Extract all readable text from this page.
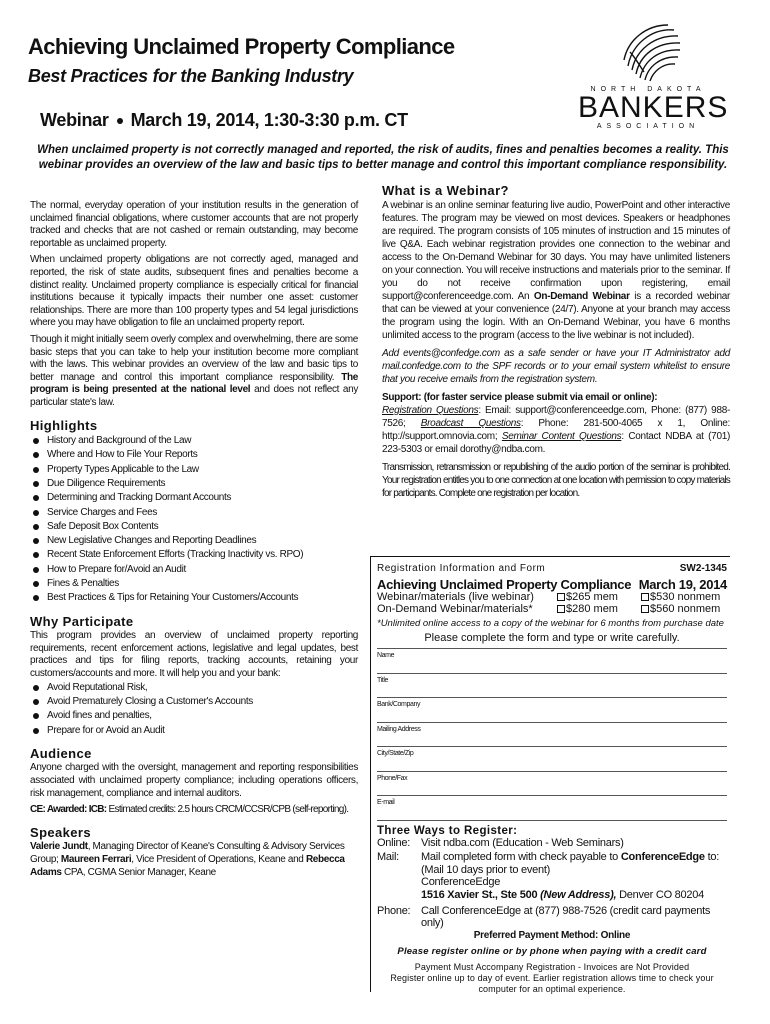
Achieving Unclaimed Property Compliance
Best Practices for the Banking Industry
Webinar March 19, 2014, 1:30-3:30 p.m. CT
NORTH DAKOTA
BANKERS
ASSOCIATION
When unclaimed property is not correctly managed and reported, the risk of audits, fines and penalties becomes a reality. This webinar provides an overview of the law and basic tips to better manage and control this important compliance responsibility.

The normal, everyday operation of your institution results in the generation of unclaimed financial obligations, where customer accounts that are not properly tracked and checks that are not cashed or remain outstanding, may become reportable as unclaimed property.

When unclaimed property obligations are not correctly aged, managed and reported, the risk of state audits, subsequent fines and penalties become a distinct reality. Unclaimed property compliance is especially critical for financial institutions because it typically impacts their number one asset: customer relationships. There are more than 100 property types and 54 legal jurisdictions where you may have obligation to file an unclaimed property report.

Though it might initially seem overly complex and overwhelming, there are some basic steps that you can take to help your institution become more compliant with the laws. This webinar provides an overview of the law and basic tips to better manage and control this important compliance responsibility. The program is being presented at the national level and does not reflect any particular state's law.

Highlights
History and Background of the Law
Where and How to File Your Reports
Property Types Applicable to the Law
Due Diligence Requirements
Determining and Tracking Dormant Accounts
Service Charges and Fees
Safe Deposit Box Contents
New Legislative Changes and Reporting Deadlines
Recent State Enforcement Efforts (Tracking Inactivity vs. RPO)
How to Prepare for/Avoid an Audit
Fines & Penalties
Best Practices & Tips for Retaining Your Customers/Accounts
Why Participate

This program provides an overview of unclaimed property reporting requirements, recent enforcement actions, legislative and legal updates, best practices and tips for filing reports, tracking accounts, retaining your customers/accounts and more. It will help you and your bank:

Avoid Reputational Risk,
Avoid Prematurely Closing a Customer's Accounts
Avoid fines and penalties,
Prepare for or Avoid an Audit
Audience

Anyone charged with the oversight, management and reporting responsibilities associated with unclaimed property compliance; including operations officers, risk management, compliance and internal auditors.

CE: Awarded: ICB: Estimated credits: 2.5 hours CRCM/CCSR/CPB (self-reporting).

Speakers

Valerie Jundt, Managing Director of Keane's Consulting & Advisory Services Group; Maureen Ferrari, Vice President of Operations, Keane and Rebecca Adams CPA, CGMA Senior Manager, Keane

What is a Webinar?

A webinar is an online seminar featuring live audio, PowerPoint and other interactive features. The program may be viewed on most devices. Speakers or headphones are required. The program consists of 105 minutes of instruction and 15 minutes of live Q&A. Each webinar registration provides one connection to the webinar and access to the On-Demand Webinar for 30 days. You may have unlimited listeners on your connection. You will receive instructions and materials prior to the seminar. If you do not receive confirmation upon registering, email support@conferenceedge.com. An On-Demand Webinar is a recorded webinar that can be viewed at your convenience (24/7). Anyone at your branch may access the program using the login. With an On-Demand Webinar, you have 6 months unlimited access to the program (access to the live webinar is not included).

Add events@confedge.com as a safe sender or have your IT Administrator add mail.confedge.com to the SPF records or to your email system whitelist to ensure that you receive emails from the registration system.

Support: (for faster service please submit via email or online):

Registration Questions: Email: support@conferenceedge.com, Phone: (877) 988-7526; Broadcast Questions: Phone: 281-500-4065 x 1, Online: http://support.omnovia.com; Seminar Content Questions: Contact NDBA at (701) 223-5303 or email dorothy@ndba.com.

Transmission, retransmission or republishing of the audio portion of the seminar is prohibited. Your registration entitles you to one connection at one location with permission to copy materials for participants. Complete one registration per location.

Registration Information and Form	SW2-1345
Achieving Unclaimed Property Compliance March 19, 2014
Webinar/materials (live webinar)	$265 mem	$530 nonmem
On-Demand Webinar/materials*	$280 mem	$560 nonmem
*Unlimited online access to a copy of the webinar for 6 months from purchase date
Please complete the form and type or write carefully.
Name
Title
Bank/Company
Mailing Address
City/State/Zip
Phone/Fax
E-mail
Three Ways to Register:
Online: Visit ndba.com (Education - Web Seminars)
Mail:	Mail completed form with check payable to ConferenceEdge to:
(Mail 10 days prior to event)
ConferenceEdge
1516 Xavier St., Ste 500 (New Address), Denver CO 80204
Phone: Call ConferenceEdge at (877) 988-7526 (credit card payments only)
Preferred Payment Method: Online
Please register online or by phone when paying with a credit card
Payment Must Accompany Registration - Invoices are Not Provided
Register online up to day of event. Earlier registration allows time to check your computer for an optimal experience.
